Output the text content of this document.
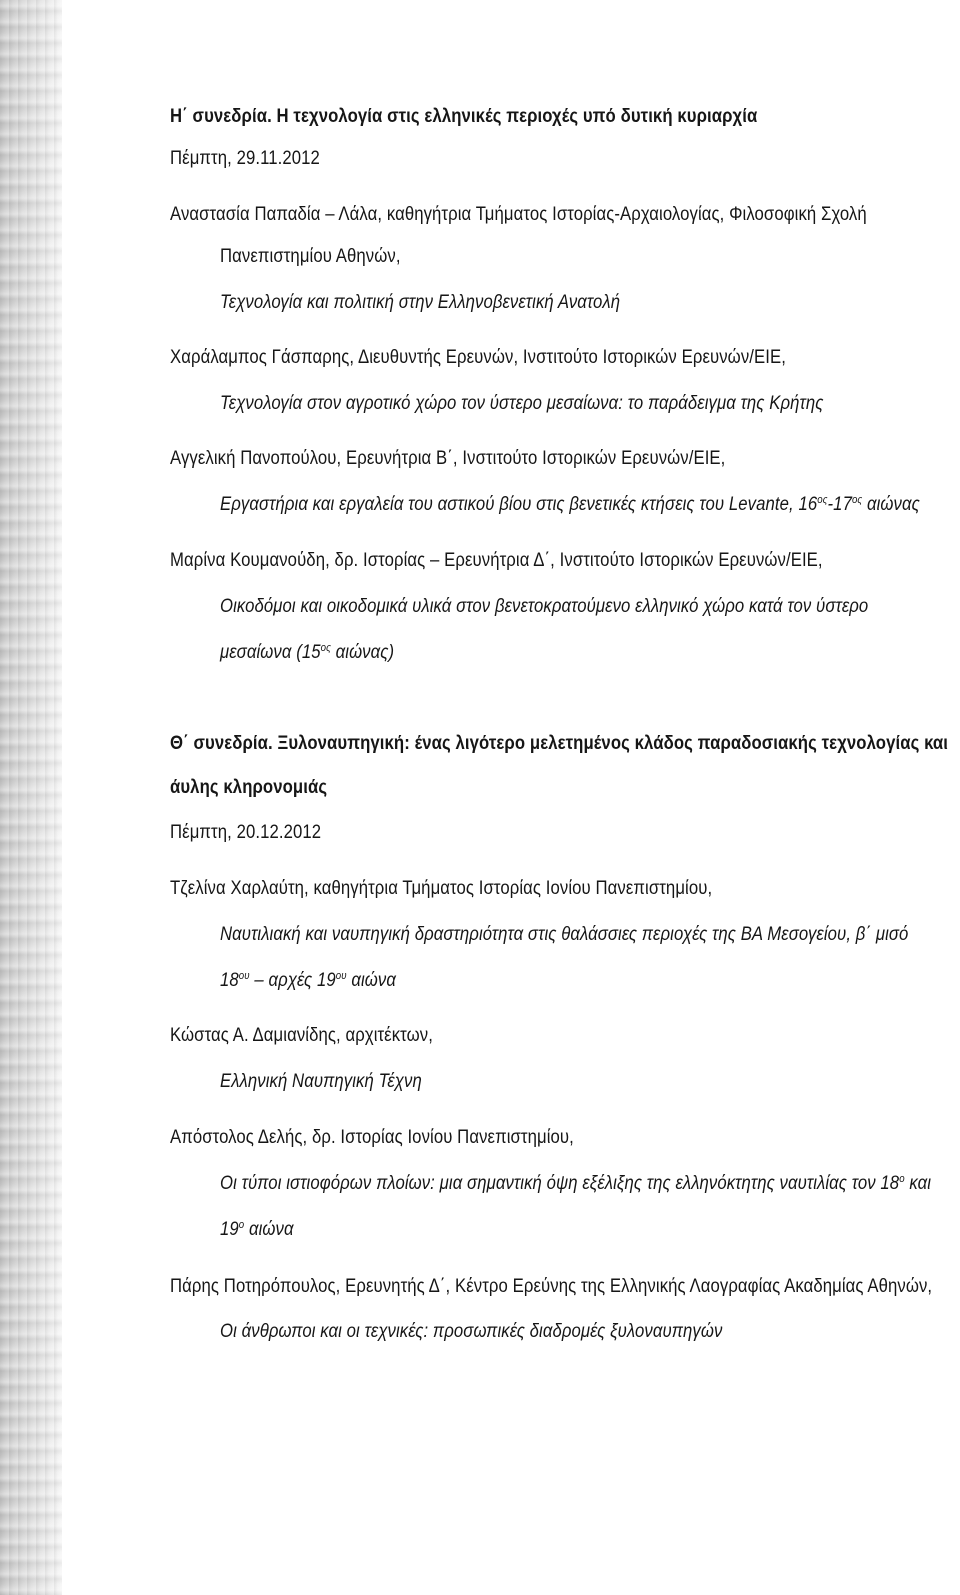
Η΄ συνεδρία. Η τεχνολογία στις ελληνικές περιοχές υπό δυτική κυριαρχία
Πέμπτη, 29.11.2012
Αναστασία Παπαδία – Λάλα, καθηγήτρια Τμήματος Ιστορίας-Αρχαιολογίας, Φιλοσοφική Σχολή
Πανεπιστημίου Αθηνών,
Τεχνολογία και πολιτική στην Ελληνοβενετική Ανατολή
Χαράλαμπος Γάσπαρης, Διευθυντής Ερευνών, Ινστιτούτο Ιστορικών Ερευνών/ΕΙΕ,
Τεχνολογία στον αγροτικό χώρο τον ύστερο μεσαίωνα: το παράδειγμα της Κρήτης
Αγγελική Πανοπούλου, Ερευνήτρια Β΄, Ινστιτούτο Ιστορικών Ερευνών/ΕΙΕ,
Εργαστήρια και εργαλεία του αστικού βίου στις βενετικές κτήσεις του Levante, $16^{o\varsigma}-17^{o\varsigma}$ αιώνας
Μαρίνα Κουμανούδη, δρ. Ιστορίας – Ερευνήτρια Δ΄, Ινστιτούτο Ιστορικών Ερευνών/ΕΙΕ,
Οικοδόμοι και οικοδομικά υλικά στον βενετοκρατούμενο ελληνικό χώρο κατά τον ύστερο
μεσαίωνα ($15^{o\varsigma}$ αιώνας)
Θ΄ συνεδρία. Ξυλοναυπηγική: ένας λιγότερο μελετημένος κλάδος παραδοσιακής τεχνολογίας και
άυλης κληρονομιάς
Πέμπτη, 20.12.2012
Τζελίνα Χαρλαύτη, καθηγήτρια Τμήματος Ιστορίας Ιονίου Πανεπιστημίου,
Ναυτιλιακή και ναυπηγική δραστηριότητα στις θαλάσσιες περιοχές της ΒΑ Μεσογείου, β΄ μισό
$18^{o\upsilon}$ – αρχές $19^{o\upsilon}$ αιώνα
Κώστας Α. Δαμιανίδης, αρχιτέκτων,
Ελληνική Ναυπηγική Τέχνη
Απόστολος Δελής, δρ. Ιστορίας Ιονίου Πανεπιστημίου,
Οι τύποι ιστιοφόρων πλοίων: μια σημαντική όψη εξέλιξης της ελληνόκτητης ναυτιλίας τον $18^o$ και
$19^o$ αιώνα
Πάρης Ποτηρόπουλος, Ερευνητής Δ΄, Κέντρο Ερεύνης της Ελληνικής Λαογραφίας Ακαδημίας Αθηνών,
Οι άνθρωποι και οι τεχνικές: προσωπικές διαδρομές ξυλοναυπηγών
